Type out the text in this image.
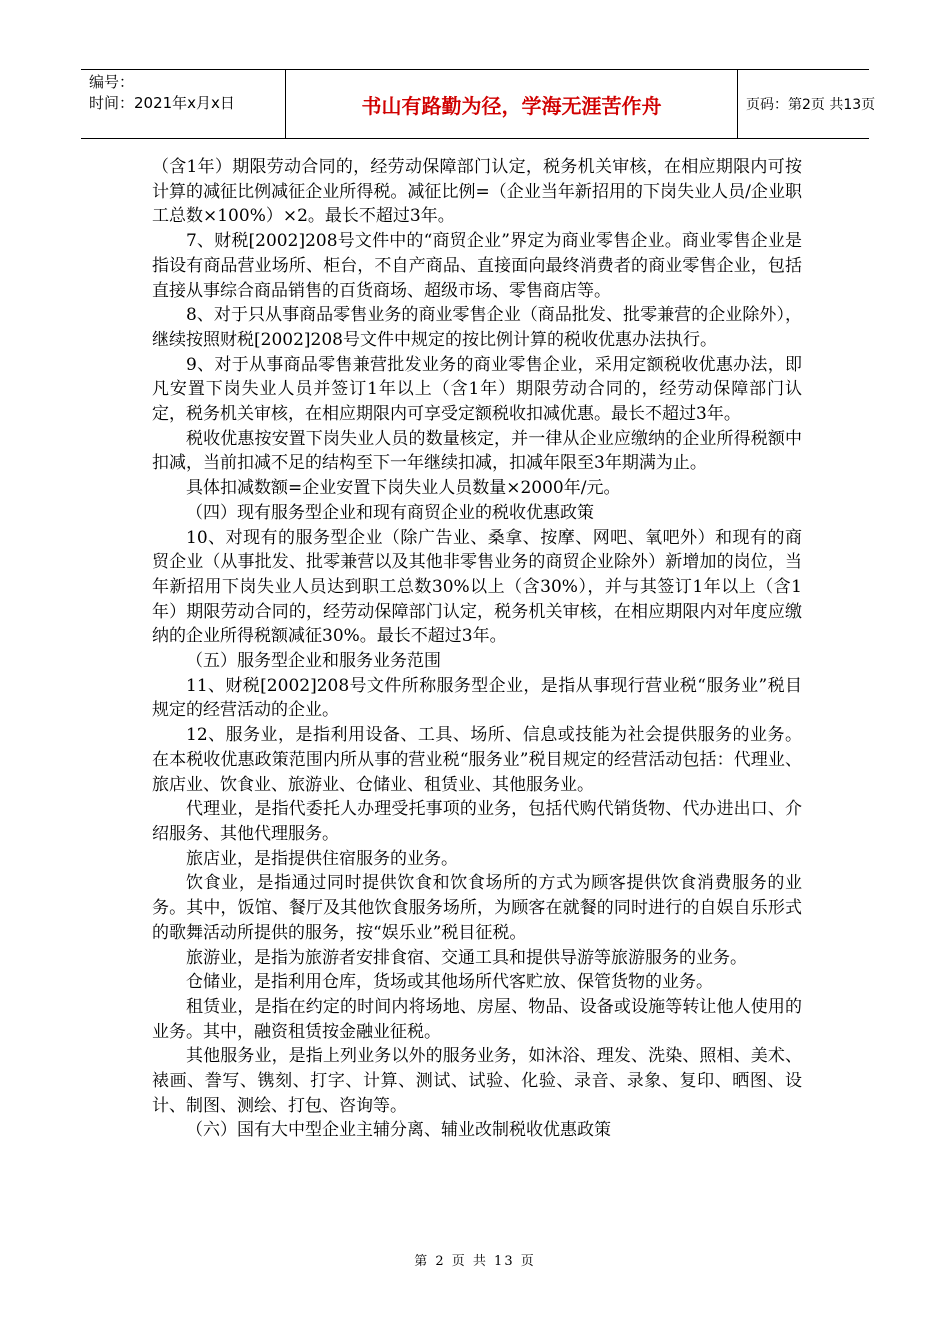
编号：
时间：2021年x月x日	书山有路勤为径，学海无涯苦作舟	页码：第2页 共13页

（含1年）期限劳动合同的，经劳动保障部门认定，税务机关审核，在相应期限内可按计算的减征比例减征企业所得税。减征比例=（企业当年新招用的下岗失业人员/企业职工总数×100%）×2。最长不超过3年。

7、财税[2002]208号文件中的“商贸企业”界定为商业零售企业。商业零售企业是指设有商品营业场所、柜台，不自产商品、直接面向最终消费者的商业零售企业，包括直接从事综合商品销售的百货商场、超级市场、零售商店等。

8、对于只从事商品零售业务的商业零售企业（商品批发、批零兼营的企业除外），继续按照财税[2002]208号文件中规定的按比例计算的税收优惠办法执行。

9、对于从事商品零售兼营批发业务的商业零售企业，采用定额税收优惠办法，即凡安置下岗失业人员并签订1年以上（含1年）期限劳动合同的，经劳动保障部门认定，税务机关审核，在相应期限内可享受定额税收扣减优惠。最长不超过3年。

税收优惠按安置下岗失业人员的数量核定，并一律从企业应缴纳的企业所得税额中扣减，当前扣减不足的结构至下一年继续扣减，扣减年限至3年期满为止。

具体扣减数额=企业安置下岗失业人员数量×2000年/元。

（四）现有服务型企业和现有商贸企业的税收优惠政策

10、对现有的服务型企业（除广告业、桑拿、按摩、网吧、氧吧外）和现有的商贸企业（从事批发、批零兼营以及其他非零售业务的商贸企业除外）新增加的岗位，当年新招用下岗失业人员达到职工总数30%以上（含30%），并与其签订1年以上（含1年）期限劳动合同的，经劳动保障部门认定，税务机关审核，在相应期限内对年度应缴纳的企业所得税额减征30%。最长不超过3年。

（五）服务型企业和服务业务范围

11、财税[2002]208号文件所称服务型企业，是指从事现行营业税“服务业”税目规定的经营活动的企业。

12、服务业，是指利用设备、工具、场所、信息或技能为社会提供服务的业务。在本税收优惠政策范围内所从事的营业税“服务业”税目规定的经营活动包括：代理业、旅店业、饮食业、旅游业、仓储业、租赁业、其他服务业。

代理业，是指代委托人办理受托事项的业务，包括代购代销货物、代办进出口、介绍服务、其他代理服务。

旅店业，是指提供住宿服务的业务。

饮食业，是指通过同时提供饮食和饮食场所的方式为顾客提供饮食消费服务的业务。其中，饭馆、餐厅及其他饮食服务场所，为顾客在就餐的同时进行的自娱自乐形式的歌舞活动所提供的服务，按“娱乐业”税目征税。

旅游业，是指为旅游者安排食宿、交通工具和提供导游等旅游服务的业务。

仓储业，是指利用仓库，货场或其他场所代客贮放、保管货物的业务。

租赁业，是指在约定的时间内将场地、房屋、物品、设备或设施等转让他人使用的业务。其中，融资租赁按金融业征税。

其他服务业，是指上列业务以外的服务业务，如沐浴、理发、洗染、照相、美术、裱画、誊写、镌刻、打字、计算、测试、试验、化验、录音、录象、复印、晒图、设计、制图、测绘、打包、咨询等。

（六）国有大中型企业主辅分离、辅业改制税收优惠政策

第 2 页 共 13 页
